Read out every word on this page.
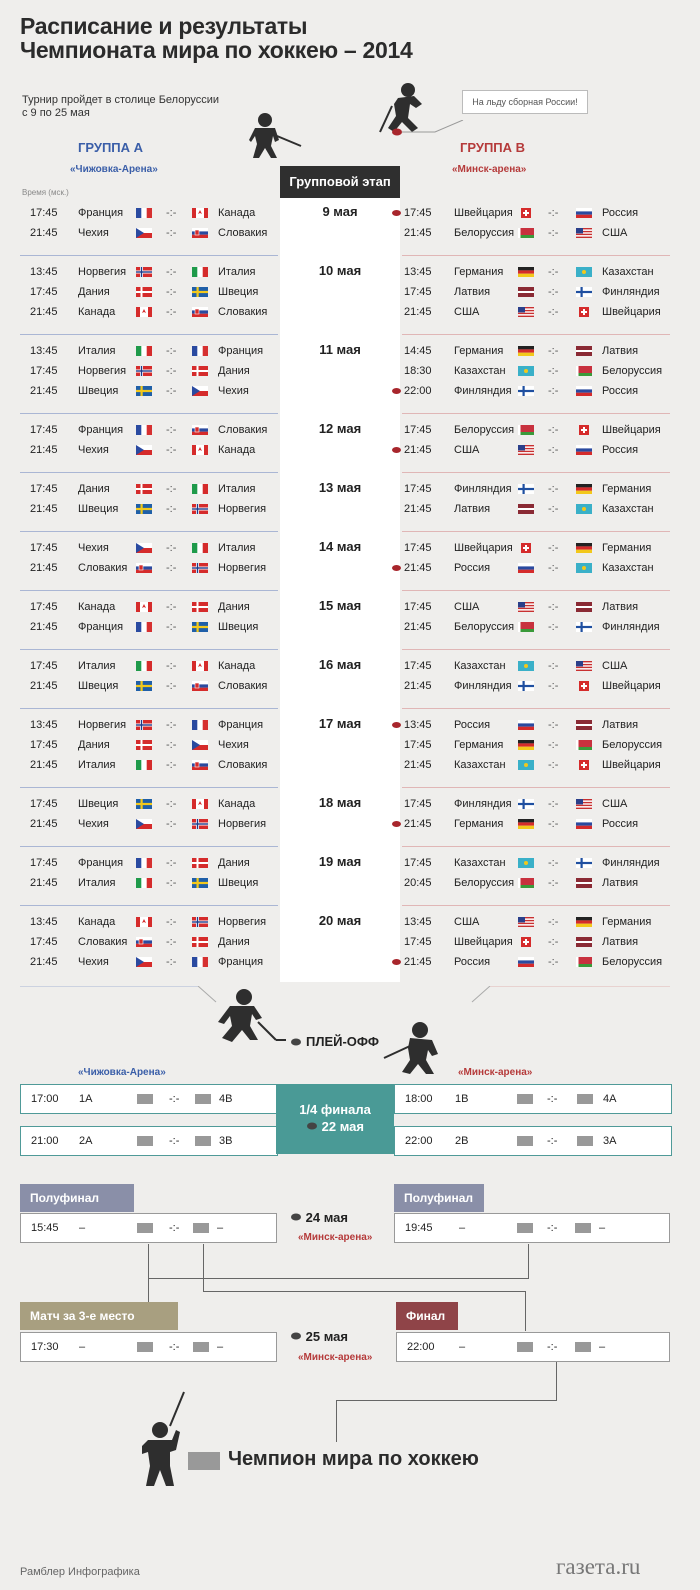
Расписание и результаты
Чемпионата мира по хоккею – 2014
Турнир пройдет в столице Белоруссии
с 9 по 25 мая
На льду сборная России!
ГРУППА А
«Чижовка-Арена»
ГРУППА В
«Минск-арена»
Время (мск.)
Групповой этап
9 мая
17:45 Франция	-:-	Канада	17:45 Швейцария	-:-	Россия
21:45 Чехия	-:-	Словакия	21:45 Белоруссия	-:-	США
10 мая
13:45 Норвегия	-:-	Италия	13:45 Германия	-:-	Казахстан
17:45 Дания	-:-	Швеция	17:45 Латвия	-:-	Финляндия
21:45 Канада	-:-	Словакия	21:45 США	-:-	Швейцария
11 мая
13:45 Италия	-:-	Франция	14:45 Германия	-:-	Латвия
17:45 Норвегия	-:-	Дания	18:30 Казахстан	-:-	Белоруссия
21:45 Швеция	-:-	Чехия	22:00 Финляндия	-:-	Россия
12 мая
17:45 Франция	-:-	Словакия	17:45 Белоруссия	-:-	Швейцария
21:45 Чехия	-:-	Канада	21:45 США	-:-	Россия
13 мая
17:45 Дания	-:-	Италия	17:45 Финляндия	-:-	Германия
21:45 Швеция	-:-	Норвегия	21:45 Латвия	-:-	Казахстан
14 мая
17:45 Чехия	-:-	Италия	17:45 Швейцария	-:-	Германия
21:45 Словакия	-:-	Норвегия	21:45 Россия	-:-	Казахстан
15 мая
17:45 Канада	-:-	Дания	17:45 США	-:-	Латвия
21:45 Франция	-:-	Швеция	21:45 Белоруссия	-:-	Финляндия
16 мая
17:45 Италия	-:-	Канада	17:45 Казахстан	-:-	США
21:45 Швеция	-:-	Словакия	21:45 Финляндия	-:-	Швейцария
17 мая
13:45 Норвегия	-:-	Франция	13:45 Россия	-:-	Латвия
17:45 Дания	-:-	Чехия	17:45 Германия	-:-	Белоруссия
21:45 Италия	-:-	Словакия	21:45 Казахстан	-:-	Швейцария
18 мая
17:45 Швеция	-:-	Канада	17:45 Финляндия	-:-	США
21:45 Чехия	-:-	Норвегия	21:45 Германия	-:-	Россия
19 мая
17:45 Франция	-:-	Дания	17:45 Казахстан	-:-	Финляндия
21:45 Италия	-:-	Швеция	20:45 Белоруссия	-:-	Латвия
20 мая
13:45 Канада	-:-	Норвегия	13:45 США	-:-	Германия
17:45 Словакия	-:-	Дания	17:45 Швейцария	-:-	Латвия
21:45 Чехия	-:-	Франция	21:45 Россия	-:-	Белоруссия
ПЛЕЙ-ОФФ
«Чижовка-Арена»	«Минск-арена»
17:00 1A	-:-	4B
21:00 2A	-:-	3B
18:00 1B	-:-	4A
22:00 2B	-:-	3A
1/4 финала
22 мая
Полуфинал
15:45 –	-:-	–
Полуфинал
19:45 –	-:-	–
24 мая
«Минск-арена»
Матч за 3-е место
17:30 –	-:-	–
Финал
22:00 –	-:-	–
25 мая
«Минск-арена»
Чемпион мира по хоккею
Рамблер Инфографика	газета.ru
